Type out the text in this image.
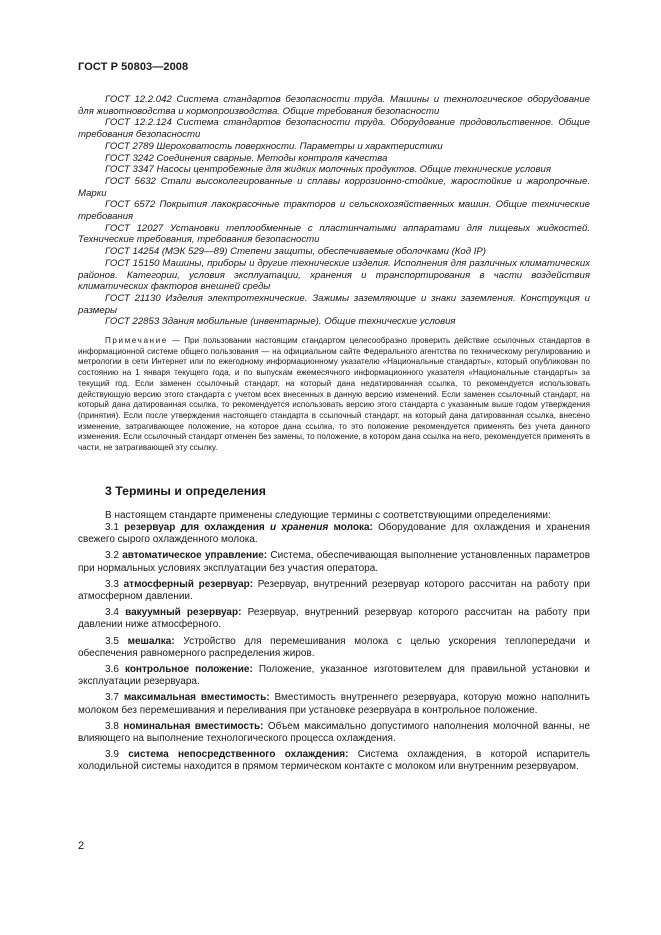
ГОСТ Р 50803—2008

ГОСТ 12.2.042 Система стандартов безопасности труда. Машины и технологическое оборудование для животноводства и кормопроизводства. Общие требования безопасности

ГОСТ 12.2.124 Система стандартов безопасности труда. Оборудование продовольственное. Общие требования безопасности

ГОСТ 2789 Шероховатость поверхности. Параметры и характеристики

ГОСТ 3242 Соединения сварные. Методы контроля качества

ГОСТ 3347 Насосы центробежные для жидких молочных продуктов. Общие технические условия

ГОСТ 5632 Стали высоколегированные и сплавы коррозионно-стойкие, жаростойкие и жаропрочные. Марки

ГОСТ 6572 Покрытия лакокрасочные тракторов и сельскохозяйственных машин. Общие технические требования

ГОСТ 12027 Установки теплообменные с пластинчатыми аппаратами для пищевых жидкостей. Технические требования, требования безопасности

ГОСТ 14254 (МЭК 529—89) Степени защиты, обеспечиваемые оболочками (Код IP)

ГОСТ 15150 Машины, приборы и другие технические изделия. Исполнения для различных климатических районов. Категории, условия эксплуатации, хранения и транспортирования в части воздействия климатических факторов внешней среды

ГОСТ 21130 Изделия электротехнические. Зажимы заземляющие и знаки заземления. Конструкция и размеры

ГОСТ 22853 Здания мобильные (инвентарные). Общие технические условия

Примечание — При пользовании настоящим стандартом целесообразно проверить действие ссылочных стандартов в информационной системе общего пользования — на официальном сайте Федерального агентства по техническому регулированию и метрологии в сети Интернет или по ежегодному информационному указателю «Национальные стандарты», который опубликован по состоянию на 1 января текущего года, и по выпускам ежемесячного информационного указателя «Национальные стандарты» за текущий год. Если заменен ссылочный стандарт, на который дана недатированная ссылка, то рекомендуется использовать действующую версию этого стандарта с учетом всех внесенных в данную версию изменений. Если заменен ссылочный стандарт, на который дана датированная ссылка, то рекомендуется использовать версию этого стандарта с указанным выше годом утверждения (принятия). Если после утверждения настоящего стандарта в ссылочный стандарт, на который дана датированная ссылка, внесено изменение, затрагивающее положение, на которое дана ссылка, то это положение рекомендуется применять без учета данного изменения. Если ссылочный стандарт отменен без замены, то положение, в котором дана ссылка на него, рекомендуется применять в части, не затрагивающей эту ссылку.

3 Термины и определения

В настоящем стандарте применены следующие термины с соответствующими определениями:

3.1 резервуар для охлаждения и хранения молока: Оборудование для охлаждения и хранения свежего сырого охлажденного молока.

3.2 автоматическое управление: Система, обеспечивающая выполнение установленных параметров при нормальных условиях эксплуатации без участия оператора.

3.3 атмосферный резервуар: Резервуар, внутренний резервуар которого рассчитан на работу при атмосферном давлении.

3.4 вакуумный резервуар: Резервуар, внутренний резервуар которого рассчитан на работу при давлении ниже атмосферного.

3.5 мешалка: Устройство для перемешивания молока с целью ускорения теплопередачи и обеспечения равномерного распределения жиров.

3.6 контрольное положение: Положение, указанное изготовителем для правильной установки и эксплуатации резервуара.

3.7 максимальная вместимость: Вместимость внутреннего резервуара, которую можно наполнить молоком без перемешивания и переливания при установке резервуара в контрольное положение.

3.8 номинальная вместимость: Объем максимально допустимого наполнения молочной ванны, не влияющего на выполнение технологического процесса охлаждения.

3.9 система непосредственного охлаждения: Система охлаждения, в которой испаритель холодильной системы находится в прямом термическом контакте с молоком или внутренним резервуаром.

2
